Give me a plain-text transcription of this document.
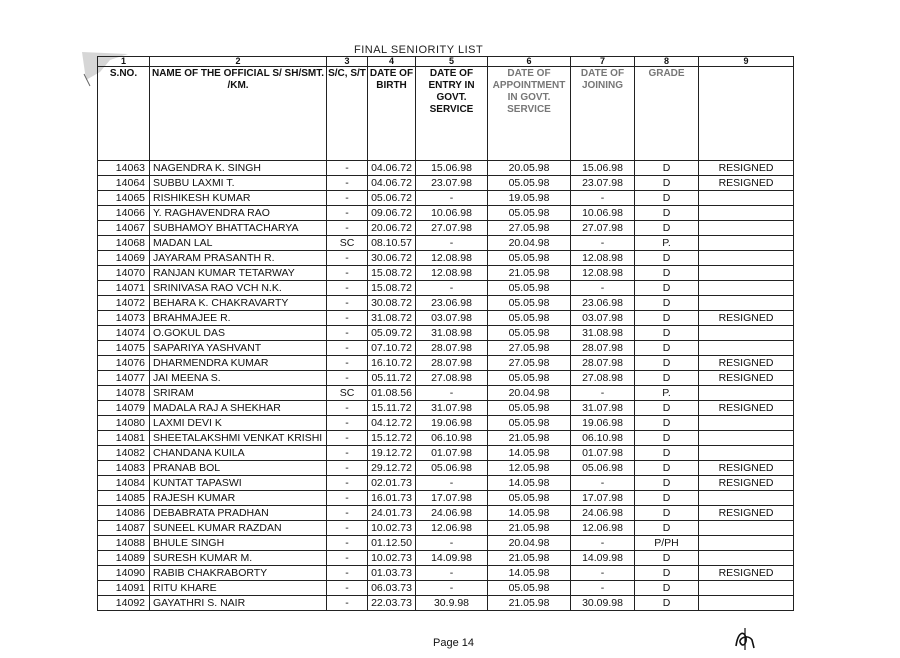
FINAL SENIORITY LIST
1	2	3	4	5	6	7	8	9
S.NO.	NAME OF THE OFFICIAL S/ SH/SMT. /KM.	S/C, S/T	DATE OF BIRTH	DATE OF ENTRY IN GOVT. SERVICE	DATE OF APPOINTMENT IN GOVT. SERVICE	DATE OF JOINING	GRADE	
14063	NAGENDRA K. SINGH	-	04.06.72	15.06.98	20.05.98	15.06.98	D	RESIGNED
14064	SUBBU LAXMI T.	-	04.06.72	23.07.98	05.05.98	23.07.98	D	RESIGNED
14065	RISHIKESH KUMAR	-	05.06.72	-	19.05.98	-	D	
14066	Y. RAGHAVENDRA RAO	-	09.06.72	10.06.98	05.05.98	10.06.98	D	
14067	SUBHAMOY BHATTACHARYA	-	20.06.72	27.07.98	27.05.98	27.07.98	D	
14068	MADAN LAL	SC	08.10.57	-	20.04.98	-	P.	
14069	JAYARAM PRASANTH R.	-	30.06.72	12.08.98	05.05.98	12.08.98	D	
14070	RANJAN KUMAR TETARWAY	-	15.08.72	12.08.98	21.05.98	12.08.98	D	
14071	SRINIVASA RAO VCH N.K.	-	15.08.72	-	05.05.98	-	D	
14072	BEHARA K. CHAKRAVARTY	-	30.08.72	23.06.98	05.05.98	23.06.98	D	
14073	BRAHMAJEE R.	-	31.08.72	03.07.98	05.05.98	03.07.98	D	RESIGNED
14074	O.GOKUL DAS	-	05.09.72	31.08.98	05.05.98	31.08.98	D	
14075	SAPARIYA YASHVANT	-	07.10.72	28.07.98	27.05.98	28.07.98	D	
14076	DHARMENDRA KUMAR	-	16.10.72	28.07.98	27.05.98	28.07.98	D	RESIGNED
14077	JAI MEENA S.	-	05.11.72	27.08.98	05.05.98	27.08.98	D	RESIGNED
14078	SRIRAM	SC	01.08.56	-	20.04.98	-	P.	
14079	MADALA RAJ A SHEKHAR	-	15.11.72	31.07.98	05.05.98	31.07.98	D	RESIGNED
14080	LAXMI DEVI K	-	04.12.72	19.06.98	05.05.98	19.06.98	D	
14081	SHEETALAKSHMI VENKAT KRISHI	-	15.12.72	06.10.98	21.05.98	06.10.98	D	
14082	CHANDANA KUILA	-	19.12.72	01.07.98	14.05.98	01.07.98	D	
14083	PRANAB BOL	-	29.12.72	05.06.98	12.05.98	05.06.98	D	RESIGNED
14084	KUNTAT TAPASWI	-	02.01.73	-	14.05.98	-	D	RESIGNED
14085	RAJESH KUMAR	-	16.01.73	17.07.98	05.05.98	17.07.98	D	
14086	DEBABRATA PRADHAN	-	24.01.73	24.06.98	14.05.98	24.06.98	D	RESIGNED
14087	SUNEEL KUMAR RAZDAN	-	10.02.73	12.06.98	21.05.98	12.06.98	D	
14088	BHULE SINGH	-	01.12.50	-	20.04.98	-	P/PH	
14089	SURESH KUMAR M.	-	10.02.73	14.09.98	21.05.98	14.09.98	D	
14090	RABIB CHAKRABORTY	-	01.03.73	-	14.05.98	-	D	RESIGNED
14091	RITU KHARE	-	06.03.73	-	05.05.98	-	D	
14092	GAYATHRI S. NAIR	-	22.03.73	30.9.98	21.05.98	30.09.98	D	
Page 14
